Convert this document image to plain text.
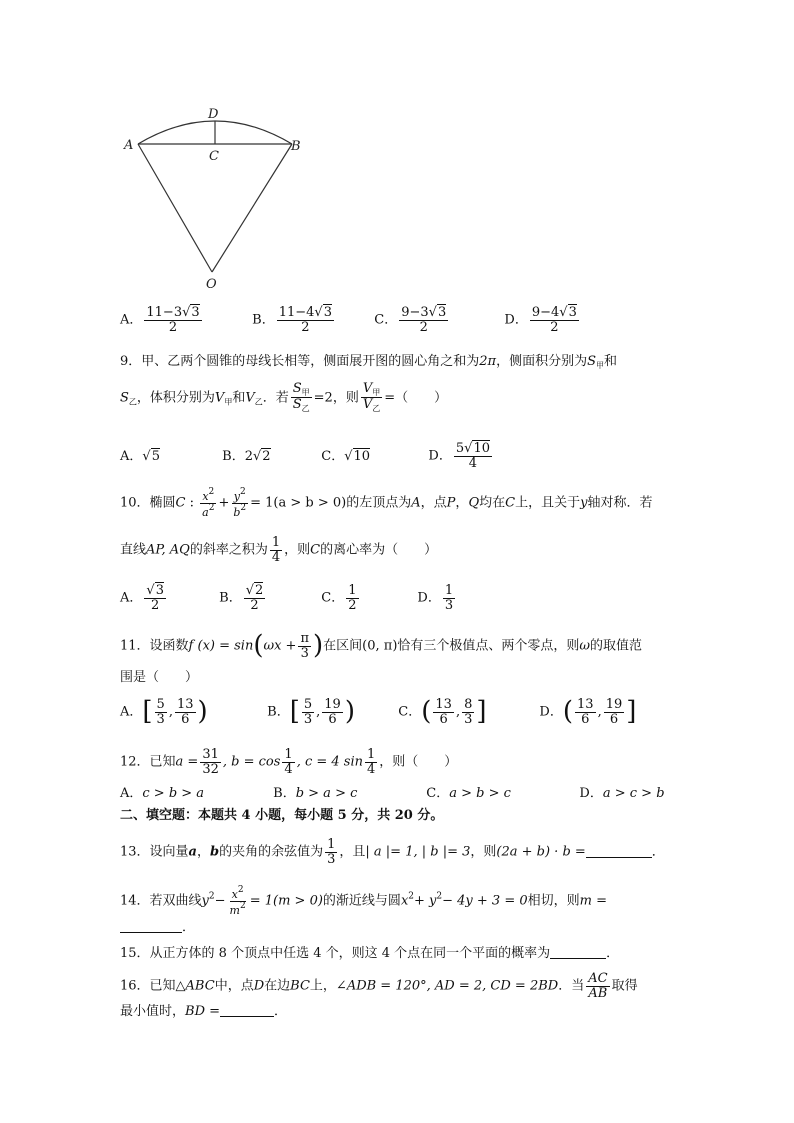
A	B
D
C
O
A． $\frac{11-3√3}{2}$	B． $\frac{11-4√3}{2}$	C． $\frac{9-3√3}{2}$	D． $\frac{9-4√3}{2}$
9．甲、乙两个圆锥的母线长相等，侧面展开图的圆心角之和为2π，侧面积分别为$S_甲$和
$S_乙$，体积分别为$V_甲$和$V_乙$．若 $\frac{S_甲}{S_乙} =2$，则 $\frac{V_甲}{V_乙}$ =（　　）
A．√5	B．2√2	C．√10	D． $\frac{5√10}{4}$
10．椭圆C : $\frac{x^2}{a^2} + \frac{y^2}{b^2} = 1(a > b > 0)$的左顶点为A，点P，Q均在C上，且关于y轴对称．若
直线AP, AQ的斜率之积为 $\frac{1}{4}$ ，则C的离心率为（　　）
A． $\frac{√3}{2}$	B． $\frac{√2}{2}$	C． $\frac{1}{2}$	D． $\frac{1}{3}$
11．设函数f $(x) = \sin(\omega x + \frac{\pi}{3}$ )在区间(0, π)恰有三个极值点、两个零点，则ω的取值范
围是（　　）
A．[ $\frac{5}{3}$ , $\frac{13}{6}$ )	B．[ $\frac{5}{3}$ , $\frac{19}{6}$ )	C．( $\frac{13}{6}$ , $\frac{8}{3}$ ]	D．( $\frac{13}{6}$ , $\frac{19}{6}$ ]
12．已知$a = \frac{31}{32}$ , $b = \cos \frac{1}{4}$ , c = 4 $\sin \frac{1}{4}$ ，则（　　）
A．c > b > a	B．b > a > c	C．a > b > c	D．a > c > b
二、填空题：本题共 4 小题，每小题 5 分，共 20 分。
13．设向量a，b的夹角的余弦值为 $\frac{1}{3}$ ，且| a |= 1, | b |= 3，则(2a + b) · b =	．
14．若双曲线$y^2- \frac{x^2}{m^2} = 1(m > 0)$的渐近线与圆$x^2+ y^2- 4y + 3 = 0$相切，则m =
．
15．从正方体的 8 个顶点中任选 4 个，则这 4 个点在同一个平面的概率为	．
16．已知△ABC中，点D在边BC上，∠ADB = 120°, AD = 2, CD = 2BD．当 $\frac{AC}{AB}$ 取得
最小值时，BD =	．
